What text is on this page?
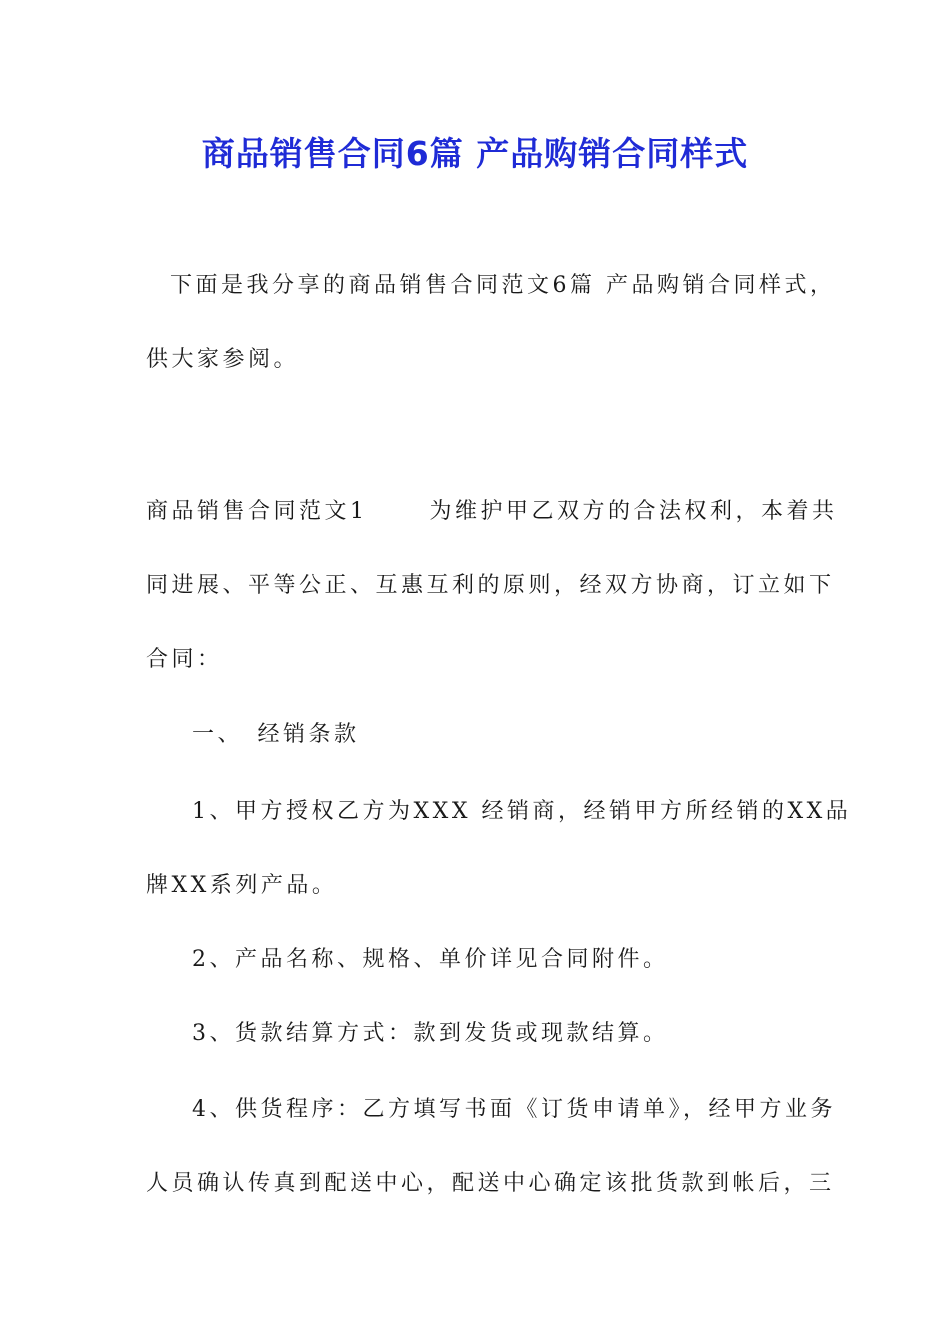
商品销售合同6篇 产品购销合同样式
下面是我分享的商品销售合同范文6篇 产品购销合同样式，
供大家参阅。
商品销售合同范文1	为维护甲乙双方的合法权利，本着共
同进展、平等公正、互惠互利的原则，经双方协商，订立如下
合同：
一、　经销条款
1、甲方授权乙方为XXX 经销商，经销甲方所经销的XX品
牌XX系列产品。
2、产品名称、规格、单价详见合同附件。
3、货款结算方式：款到发货或现款结算。
4、供货程序：乙方填写书面《订货申请单》，经甲方业务
人员确认传真到配送中心，配送中心确定该批货款到帐后，三
